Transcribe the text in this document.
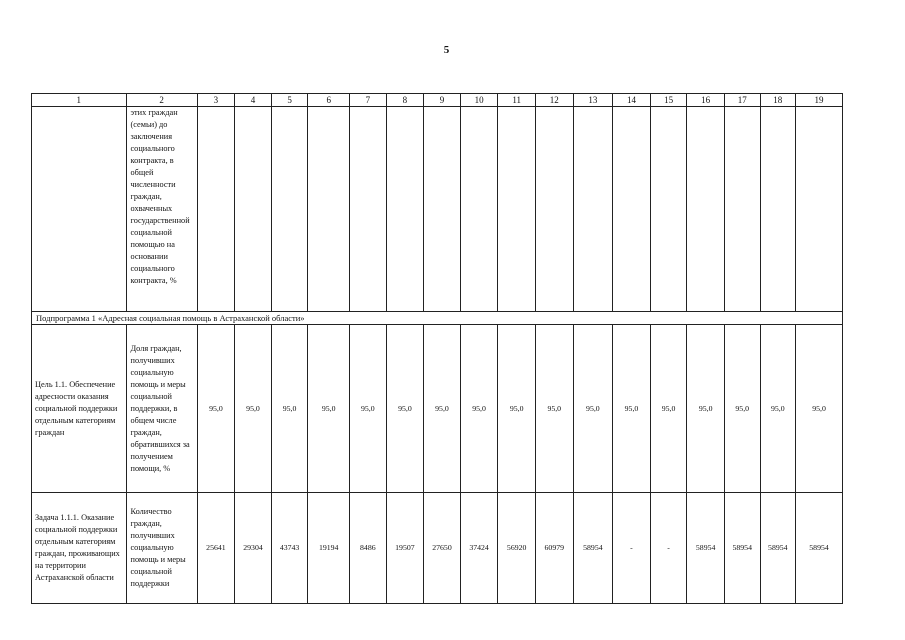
5
1	2	3	4	5	6	7	8	9	10	11	12	13	14	15	16	17	18	19
	этих граждан (семьи) до заключения социального контракта, в общей численности граждан, охваченных государственной социальной помощью на основании социального контракта, %																	
Подпрограмма 1 «Адресная социальная помощь в Астраханской области»																		
Цель 1.1. Обеспечение адресности оказания социальной поддержки отдельным категориям граждан	Доля граждан, получивших социальную помощь и меры социальной поддержки, в общем числе граждан, обратившихся за получением помощи, %	95,0	95,0	95,0	95,0	95,0	95,0	95,0	95,0	95,0	95,0	95,0	95,0	95,0	95,0	95,0	95,0	95,0
Задача 1.1.1. Оказание социальной поддержки отдельным категориям граждан, проживающих на территории Астраханской области	Количество граждан, получивших социальную помощь и меры социальной поддержки	25641	29304	43743	19194	8486	19507	27650	37424	56920	60979	58954	-	-	58954	58954	58954	58954
